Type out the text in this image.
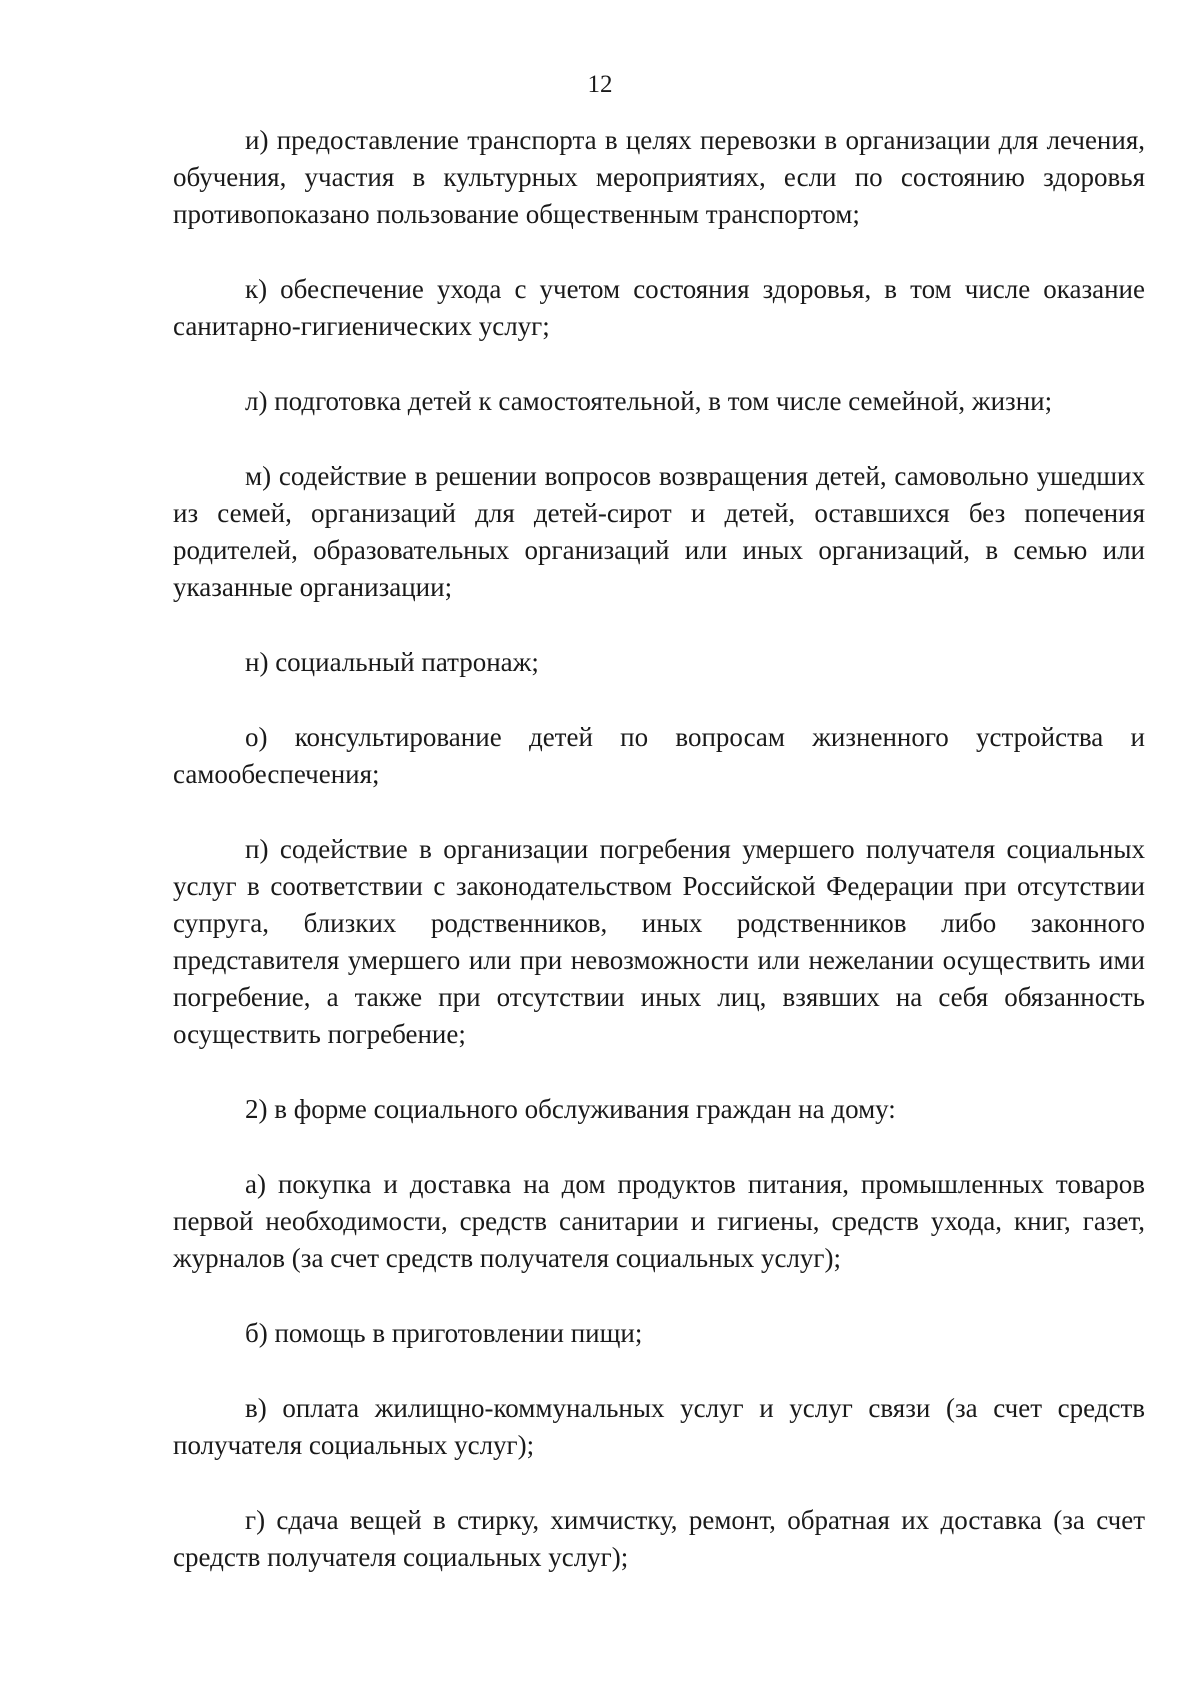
12

и) предоставление транспорта в целях перевозки в организации для лечения, обучения, участия в культурных мероприятиях, если по состоянию здоровья противопоказано пользование общественным транспортом;

к) обеспечение ухода с учетом состояния здоровья, в том числе оказание санитарно-гигиенических услуг;

л) подготовка детей к самостоятельной, в том числе семейной, жизни;

м) содействие в решении вопросов возвращения детей, самовольно ушедших из семей, организаций для детей-сирот и детей, оставшихся без попечения родителей, образовательных организаций или иных организаций, в семью или указанные организации;

н) социальный патронаж;

о) консультирование детей по вопросам жизненного устройства и самообеспечения;

п) содействие в организации погребения умершего получателя социальных услуг в соответствии с законодательством Российской Федерации при отсутствии супруга, близких родственников, иных родственников либо законного представителя умершего или при невозможности или нежелании осуществить ими погребение, а также при отсутствии иных лиц, взявших на себя обязанность осуществить погребение;

2) в форме социального обслуживания граждан на дому:

а) покупка и доставка на дом продуктов питания, промышленных товаров первой необходимости, средств санитарии и гигиены, средств ухода, книг, газет, журналов (за счет средств получателя социальных услуг);

б) помощь в приготовлении пищи;

в) оплата жилищно-коммунальных услуг и услуг связи (за счет средств получателя социальных услуг);

г) сдача вещей в стирку, химчистку, ремонт, обратная их доставка (за счет средств получателя социальных услуг);
